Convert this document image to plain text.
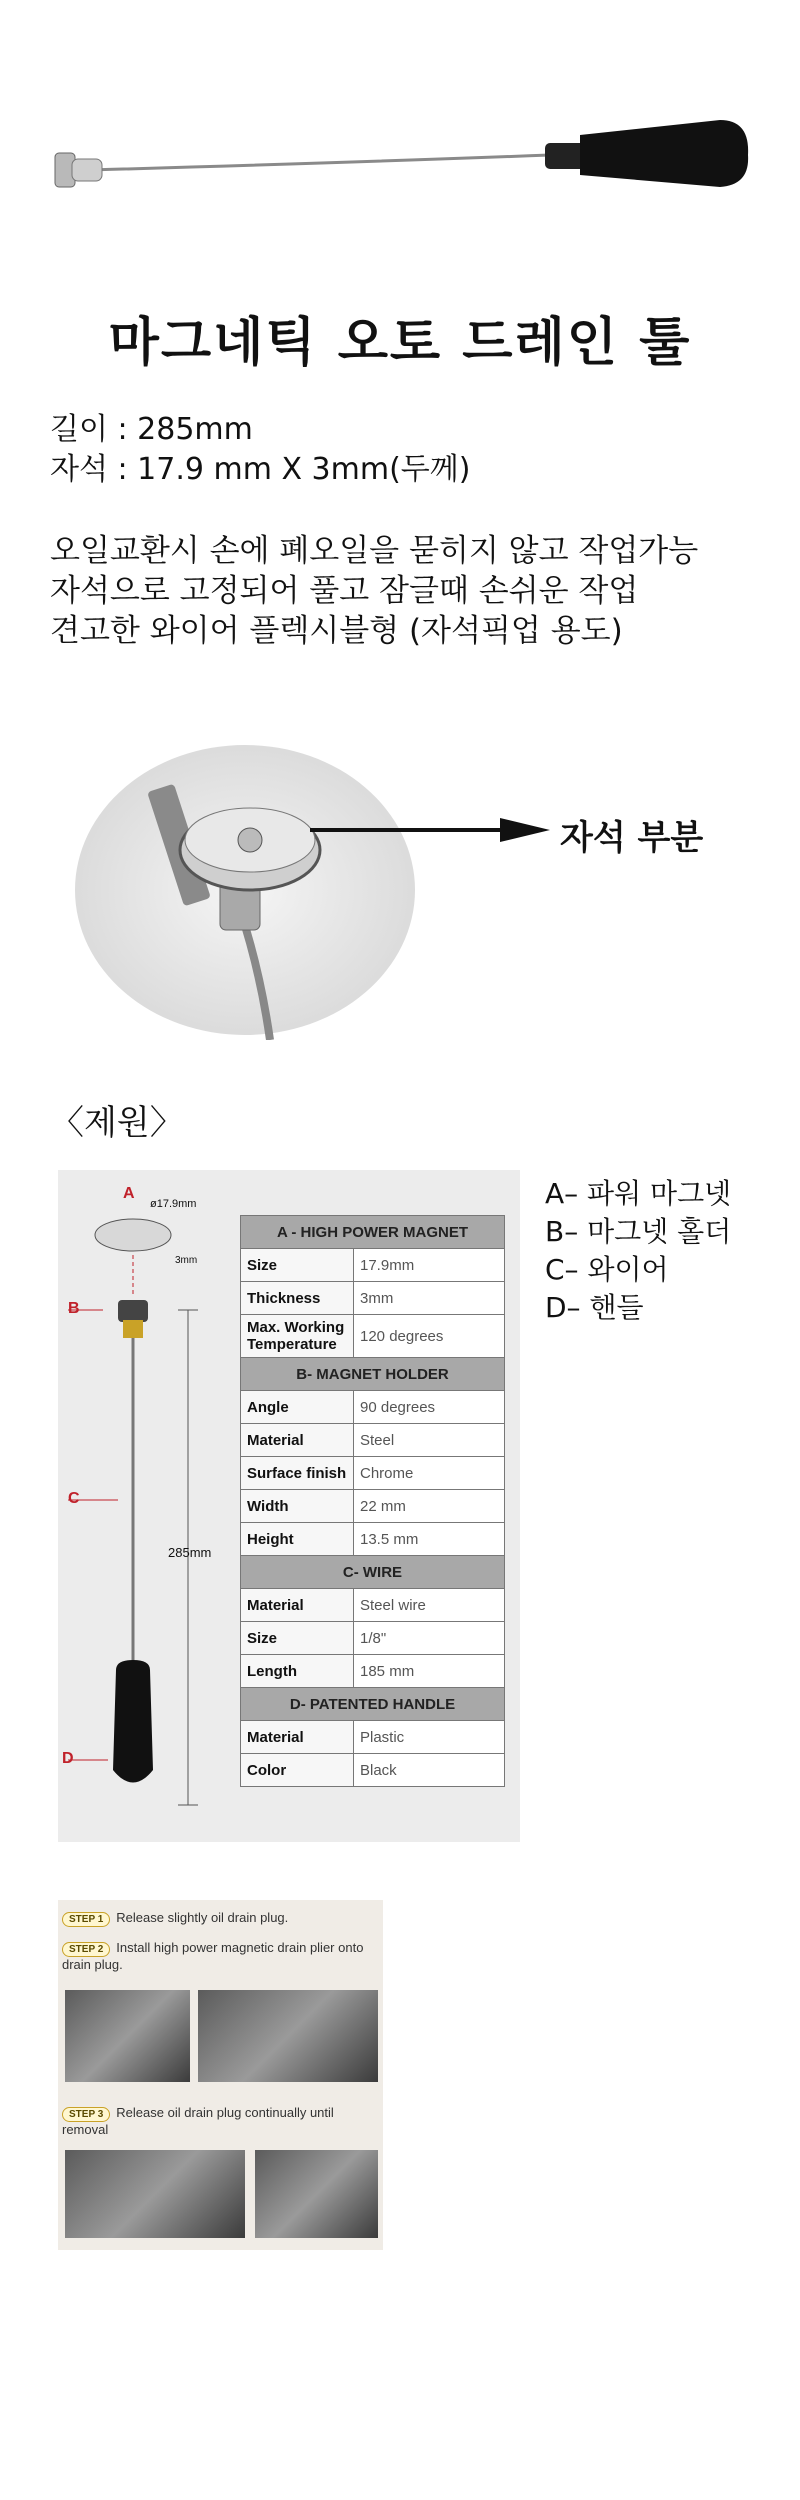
마그네틱 오토 드레인 툴
길이 : 285mm
자석 : 17.9 mm X 3mm(두께)
오일교환시 손에 폐오일을 묻히지 않고 작업가능
자석으로 고정되어 풀고 잠글때 손쉬운 작업
견고한 와이어 플렉시블형 (자석픽업 용도)
자석 부분
〈제원〉
A
B
C
D
ø17.9mm
3mm
285mm
A - HIGH POWER MAGNET	
Size	17.9mm
Thickness	3mm
Max. Working Temperature	120 degrees
B- MAGNET HOLDER	
Angle	90 degrees
Material	Steel
Surface finish	Chrome
Width	22 mm
Height	13.5 mm
C- WIRE	
Material	Steel wire
Size	1/8"
Length	185 mm
D- PATENTED HANDLE	
Material	Plastic
Color	Black
A– 파워 마그넷
B– 마그넷 홀더
C– 와이어
D– 핸들
STEP 1 Release slightly oil drain plug.
STEP 2 Install high power magnetic drain plier onto drain plug.
STEP 3 Release oil drain plug continually until removal
